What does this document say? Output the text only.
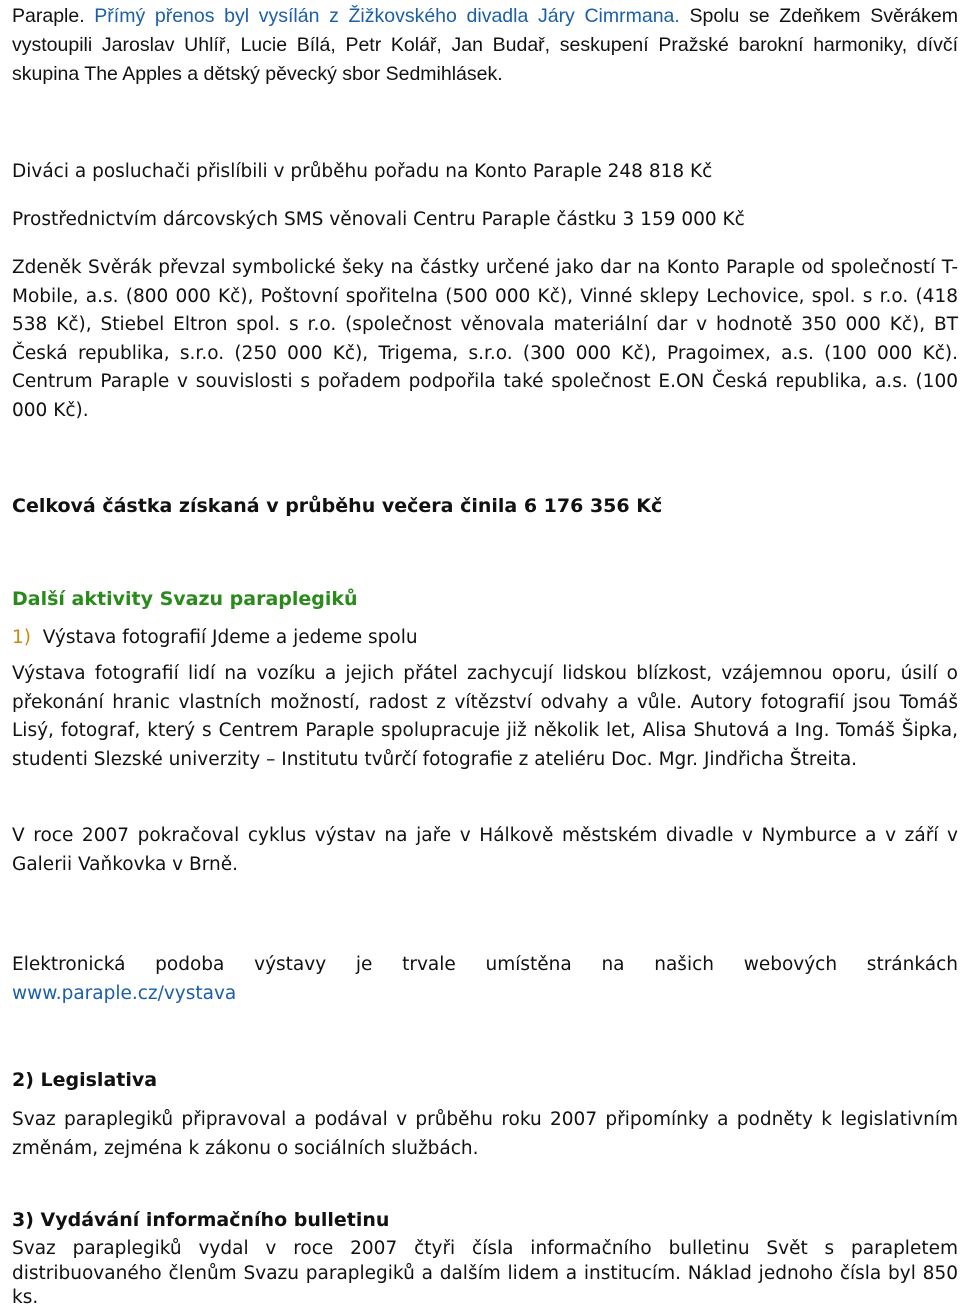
Paraple. Přímý přenos byl vysílán z Žižkovského divadla Járy Cimrmana. Spolu se Zdeňkem Svěrákem vystoupili Jaroslav Uhlíř, Lucie Bílá, Petr Kolář, Jan Budař, seskupení Pražské barokní harmoniky, dívčí skupina The Apples a dětský pěvecký sbor Sedmihlásek.

Diváci a posluchači přislíbili v průběhu pořadu na Konto Paraple 248 818 Kč

Prostřednictvím dárcovských SMS věnovali Centru Paraple částku 3 159 000 Kč

Zdeněk Svěrák převzal symbolické šeky na částky určené jako dar na Konto Paraple od společností T-Mobile, a.s. (800 000 Kč), Poštovní spořitelna (500 000 Kč), Vinné sklepy Lechovice, spol. s r.o. (418 538 Kč), Stiebel Eltron spol. s r.o. (společnost věnovala materiální dar v hodnotě 350 000 Kč), BT Česká republika, s.r.o. (250 000 Kč), Trigema, s.r.o. (300 000 Kč), Pragoimex, a.s. (100 000 Kč). Centrum Paraple v souvislosti s pořadem podpořila také společnost E.ON Česká republika, a.s. (100 000 Kč).

Celková částka získaná v průběhu večera činila 6 176 356 Kč

Další aktivity Svazu paraplegiků

1) Výstava fotografií Jdeme a jedeme spolu

Výstava fotografií lidí na vozíku a jejich přátel zachycují lidskou blízkost, vzájemnou oporu, úsilí o překonání hranic vlastních možností, radost z vítězství odvahy a vůle. Autory fotografií jsou Tomáš Lisý, fotograf, který s Centrem Paraple spolupracuje již několik let, Alisa Shutová a Ing. Tomáš Šipka, studenti Slezské univerzity – Institutu tvůrčí fotografie z ateliéru Doc. Mgr. Jindřicha Štreita.

V roce 2007 pokračoval cyklus výstav na jaře v Hálkově městském divadle v Nymburce a v září v Galerii Vaňkovka v Brně.

Elektronická podoba výstavy je trvale umístěna na našich webových stránkách www.paraple.cz/vystava

2) Legislativa

Svaz paraplegiků připravoval a podával v průběhu roku 2007 připomínky a podněty k legislativním změnám, zejména k zákonu o sociálních službách.

3) Vydávání informačního bulletinu

Svaz paraplegiků vydal v roce 2007 čtyři čísla informačního bulletinu Svět s parapletem distribuovaného členům Svazu paraplegiků a dalším lidem a institucím. Náklad jednoho čísla byl 850 ks.
